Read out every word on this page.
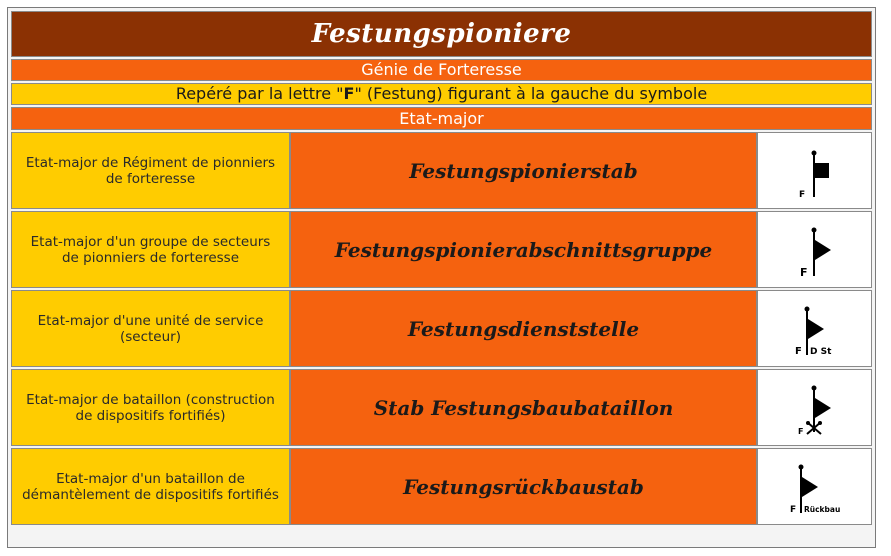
Festungspioniere
Génie de Forteresse
Repéré par la lettre "F" (Festung) figurant à la gauche du symbole
Etat-major
Etat-major de Régiment de pionniers de forteresse	Festungspionierstab	F

Etat-major d'un groupe de secteurs de pionniers de forteresse	Festungspionierabschnittsgruppe	F

Etat-major d'une unité de service (secteur)	Festungsdienststelle	F D St

Etat-major de bataillon (construction de dispositifs fortifiés)	Stab Festungsbaubataillon	F

Etat-major d'un bataillon de démantèlement de dispositifs fortifiés	Festungsrückbaustab	F Rückbau
